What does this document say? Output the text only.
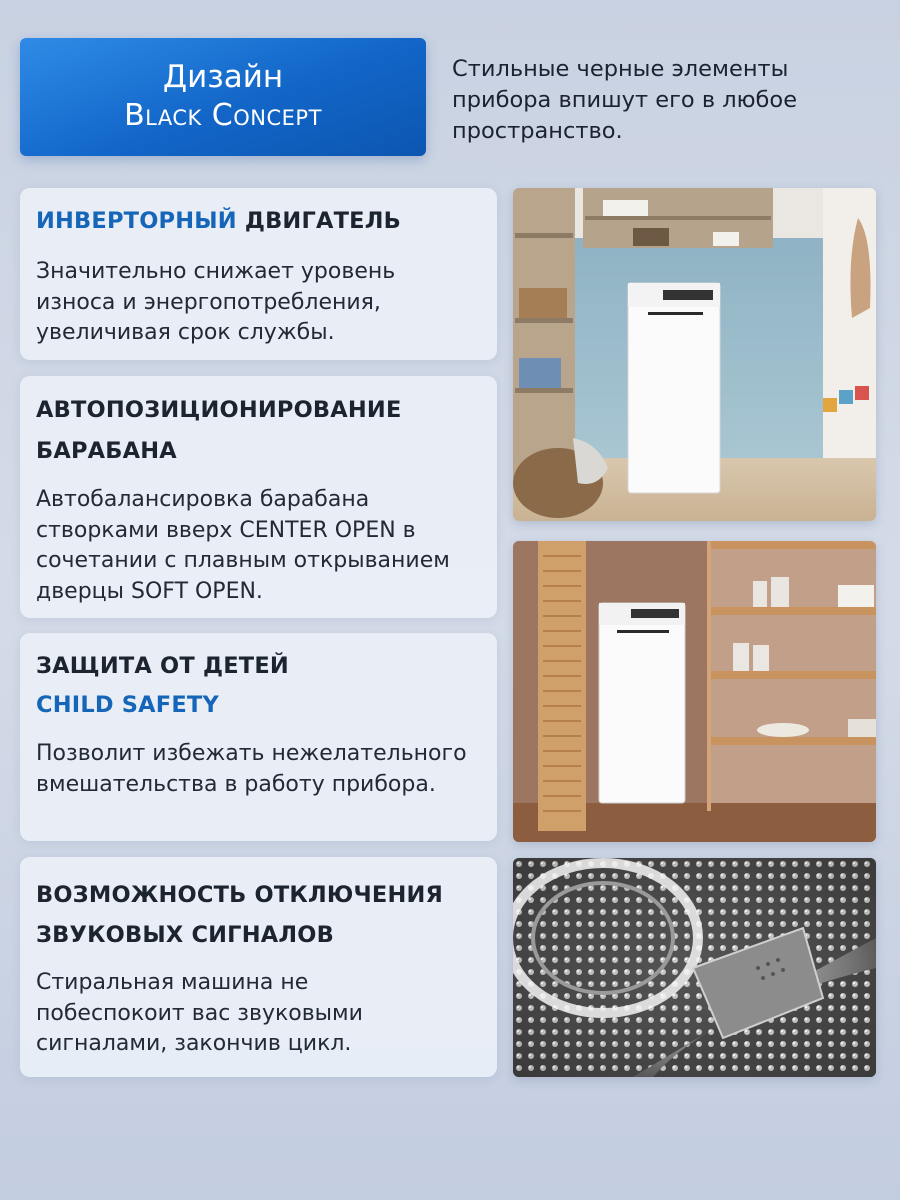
Дизайн
Black Concept
Стильные черные элементы прибора впишут его в любое пространство.
ИНВЕРТОРНЫЙ ДВИГАТЕЛЬ
Значительно снижает уровень износа и энергопотребления, увеличивая срок службы.
АВТОПОЗИЦИОНИРОВАНИЕ
БАРАБАНА
Автобалансировка барабана створками вверх CENTER OPEN в сочетании с плавным открыванием дверцы SOFT OPEN.
ЗАЩИТА ОТ ДЕТЕЙ
CHILD SAFETY
Позволит избежать нежелательного вмешательства в работу прибора.
ВОЗМОЖНОСТЬ ОТКЛЮЧЕНИЯ
ЗВУКОВЫХ СИГНАЛОВ
Стиральная машина не побеспокоит вас звуковыми сигналами, закончив цикл.
